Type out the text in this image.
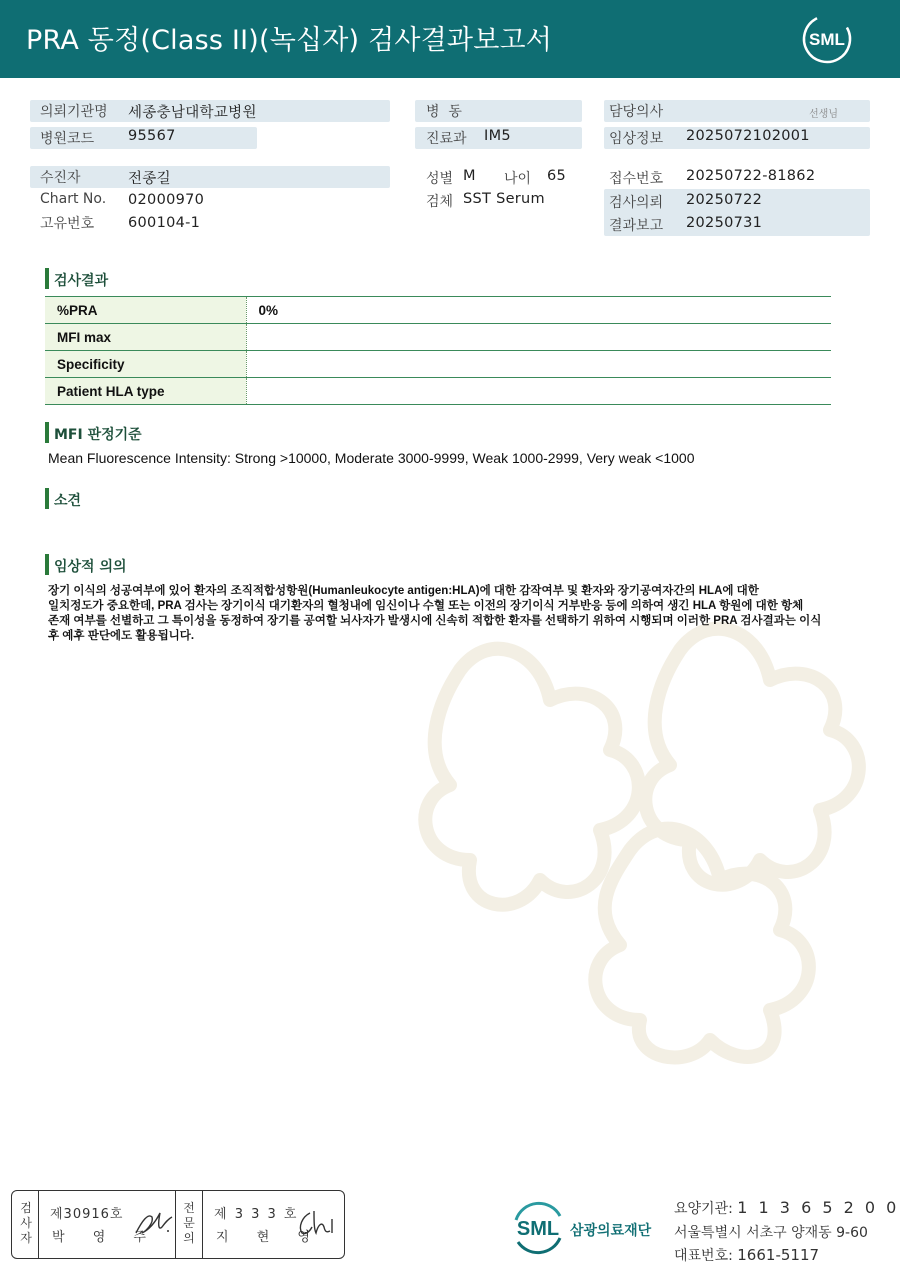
PRA 동정(Class II)(녹십자) 검사결과보고서	SML
의뢰기관명 세종충남대학교병원
병원코드 95567
수진자	전종길
Chart No. 02000970
고유번호 600104-1
병  동
진료과 IM5
성별 M 나이 65
검체 SST Serum
담당의사	선생님
임상정보 2025072102001
접수번호 20250722-81862
검사의뢰 20250722
결과보고 20250731
검사결과
%PRA	0%
MFI max	
Specificity	
Patient HLA type	
MFI 판정기준
Mean Fluorescence Intensity: Strong >10000, Moderate 3000-9999, Weak 1000-2999, Very weak <1000
소견
임상적 의의
장기 이식의 성공여부에 있어 환자의 조직적합성항원(Humanleukocyte antigen:HLA)에 대한 감작여부 및 환자와 장기공여자간의 HLA에 대한
일치정도가 중요한데, PRA 검사는 장기이식 대기환자의 혈청내에 임신이나 수혈 또는 이전의 장기이식 거부반응 등에 의하여 생긴 HLA 항원에 대한 항체
존재 여부를 선별하고 그 특이성을 동정하여 장기를 공여할 뇌사자가 발생시에 신속히 적합한 환자를 선택하기 위하여 시행되며 이러한 PRA 검사결과는 이식
후 예후 판단에도 활용됩니다.
검
사
자
제30916호
박 영 주
전
문
의
제 3 3 3 호
지 현 영	SML 삼광의료재단
요양기관: 1 1 3 6 5 2 0 0
서울특별시 서초구 양재동 9-60
대표번호: 1661-5117
